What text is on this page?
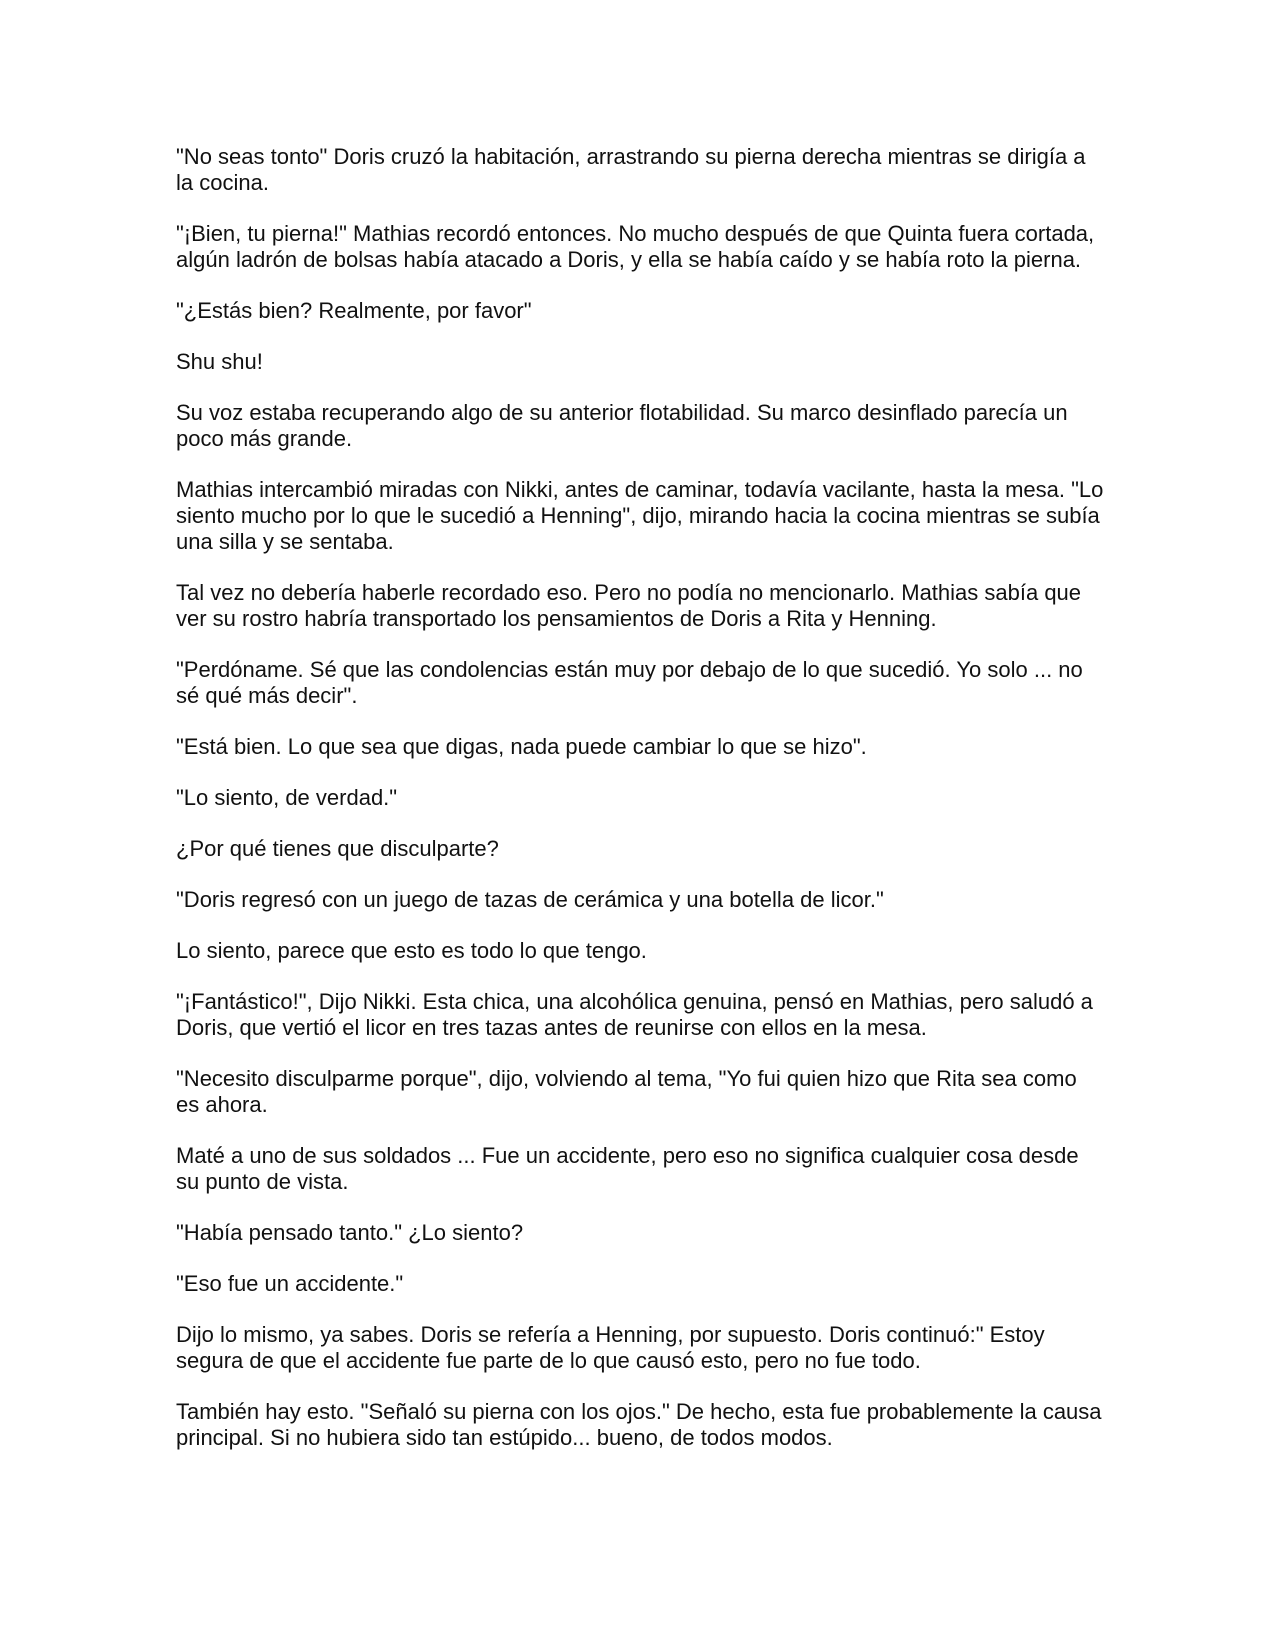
"No seas tonto" Doris cruzó la habitación, arrastrando su pierna derecha mientras se dirigía a la cocina.

"¡Bien, tu pierna!" Mathias recordó entonces. No mucho después de que Quinta fuera cortada, algún ladrón de bolsas había atacado a Doris, y ella se había caído y se había roto la pierna.

"¿Estás bien? Realmente, por favor"

Shu shu!

Su voz estaba recuperando algo de su anterior flotabilidad. Su marco desinflado parecía un poco más grande.

Mathias intercambió miradas con Nikki, antes de caminar, todavía vacilante, hasta la mesa. "Lo siento mucho por lo que le sucedió a Henning", dijo, mirando hacia la cocina mientras se subía una silla y se sentaba.

Tal vez no debería haberle recordado eso. Pero no podía no mencionarlo. Mathias sabía que ver su rostro habría transportado los pensamientos de Doris a Rita y Henning.

"Perdóname. Sé que las condolencias están muy por debajo de lo que sucedió. Yo solo ... no sé qué más decir".

"Está bien. Lo que sea que digas, nada puede cambiar lo que se hizo".

"Lo siento, de verdad."

¿Por qué tienes que disculparte?

"Doris regresó con un juego de tazas de cerámica y una botella de licor."

Lo siento, parece que esto es todo lo que tengo.

"¡Fantástico!", Dijo Nikki. Esta chica, una alcohólica genuina, pensó en Mathias, pero saludó a Doris, que vertió el licor en tres tazas antes de reunirse con ellos en la mesa.

"Necesito disculparme porque", dijo, volviendo al tema, "Yo fui quien hizo que Rita sea como es ahora.

Maté a uno de sus soldados ... Fue un accidente, pero eso no significa cualquier cosa desde su punto de vista.

"Había pensado tanto." ¿Lo siento?

"Eso fue un accidente."

Dijo lo mismo, ya sabes. Doris se refería a Henning, por supuesto. Doris continuó:" Estoy segura de que el accidente fue parte de lo que causó esto, pero no fue todo.

También hay esto. "Señaló su pierna con los ojos." De hecho, esta fue probablemente la causa principal. Si no hubiera sido tan estúpido... bueno, de todos modos.
